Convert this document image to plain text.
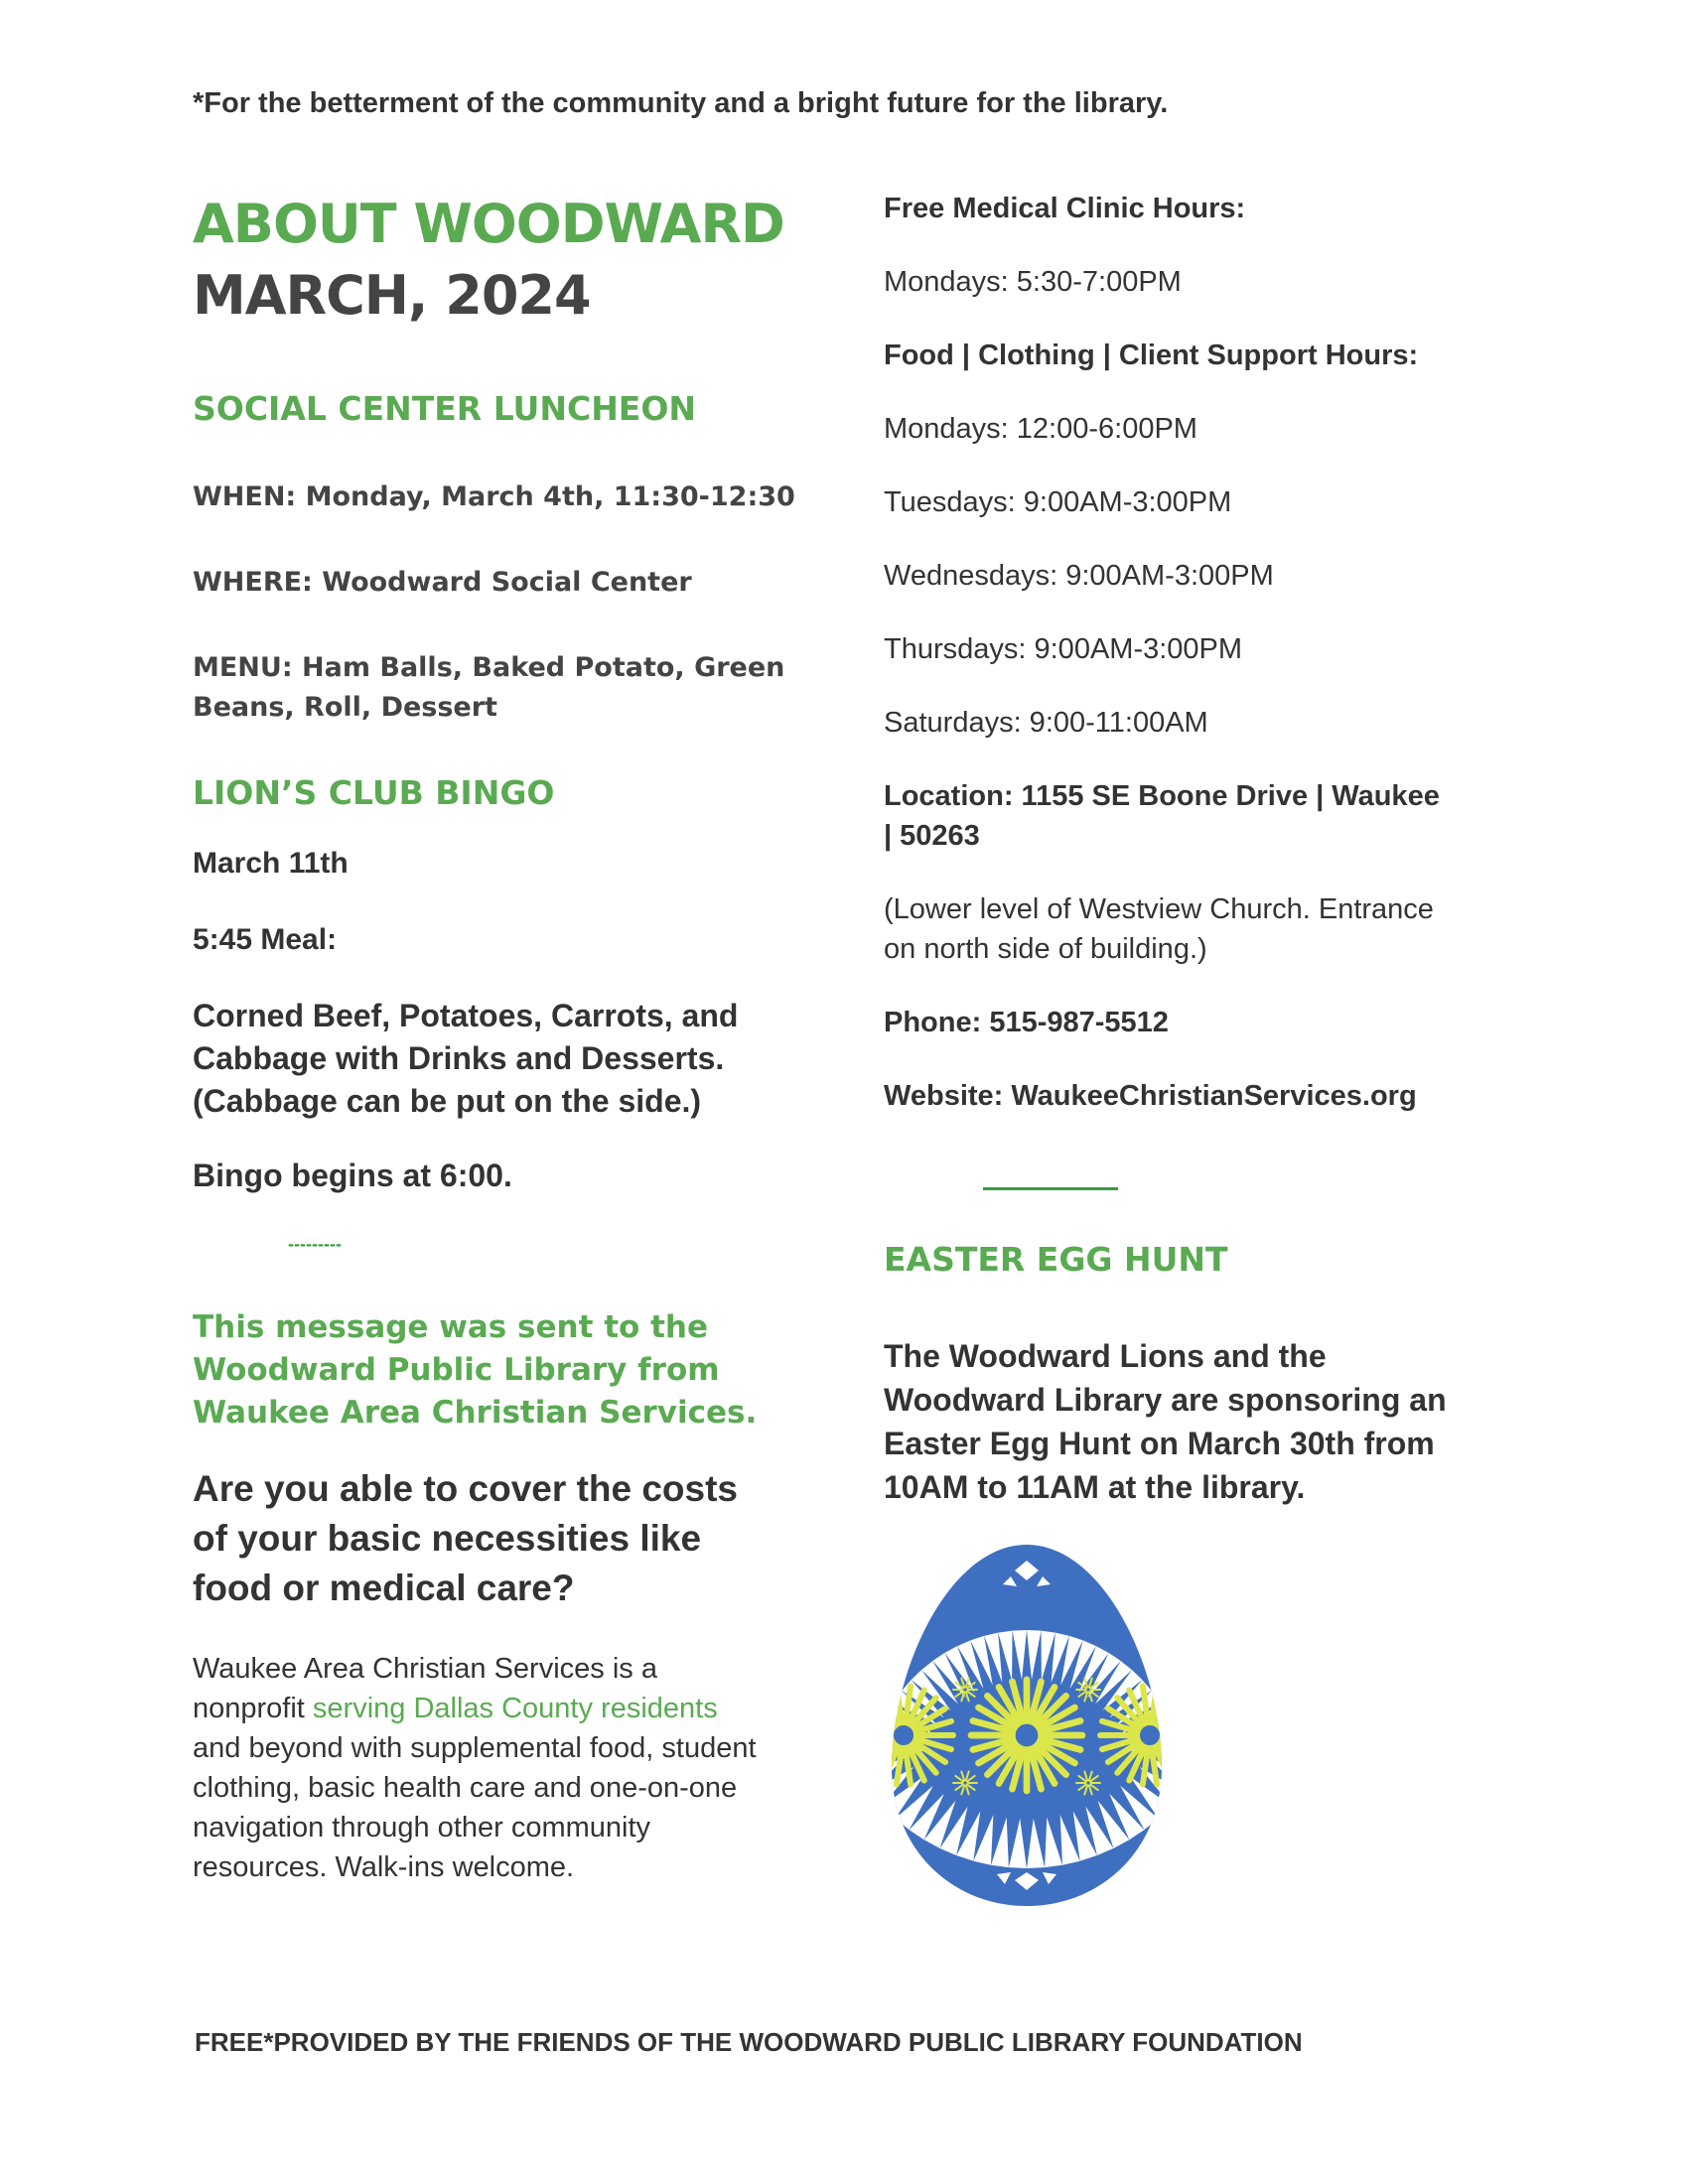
*For the betterment of the community and a bright future for the library.
ABOUT WOODWARD
MARCH, 2024
SOCIAL CENTER LUNCHEON

WHEN: Monday, March 4th, 11:30-12:30

WHERE: Woodward Social Center

MENU: Ham Balls, Baked Potato, Green

Beans, Roll, Dessert

LION’S CLUB BINGO

March 11th

5:45 Meal:

Corned Beef, Potatoes, Carrots, and

Cabbage with Drinks and Desserts.

(Cabbage can be put on the side.)

Bingo begins at 6:00.

---------

This message was sent to the

Woodward Public Library from

Waukee Area Christian Services.

Are you able to cover the costs

of your basic necessities like

food or medical care?

Waukee Area Christian Services is a

nonprofit serving Dallas County residents

and beyond with supplemental food, student

clothing, basic health care and one-on-one

navigation through other community

resources. Walk-ins welcome.

Free Medical Clinic Hours:

Mondays: 5:30-7:00PM

Food | Clothing | Client Support Hours:

Mondays: 12:00-6:00PM

Tuesdays: 9:00AM-3:00PM

Wednesdays: 9:00AM-3:00PM

Thursdays: 9:00AM-3:00PM

Saturdays: 9:00-11:00AM

Location: 1155 SE Boone Drive | Waukee

| 50263

(Lower level of Westview Church. Entrance

on north side of building.)

Phone: 515-987-5512

Website: WaukeeChristianServices.org

EASTER EGG HUNT

The Woodward Lions and the

Woodward Library are sponsoring an

Easter Egg Hunt on March 30th from

10AM to 11AM at the library.

FREE*PROVIDED BY THE FRIENDS OF THE WOODWARD PUBLIC LIBRARY FOUNDATION
